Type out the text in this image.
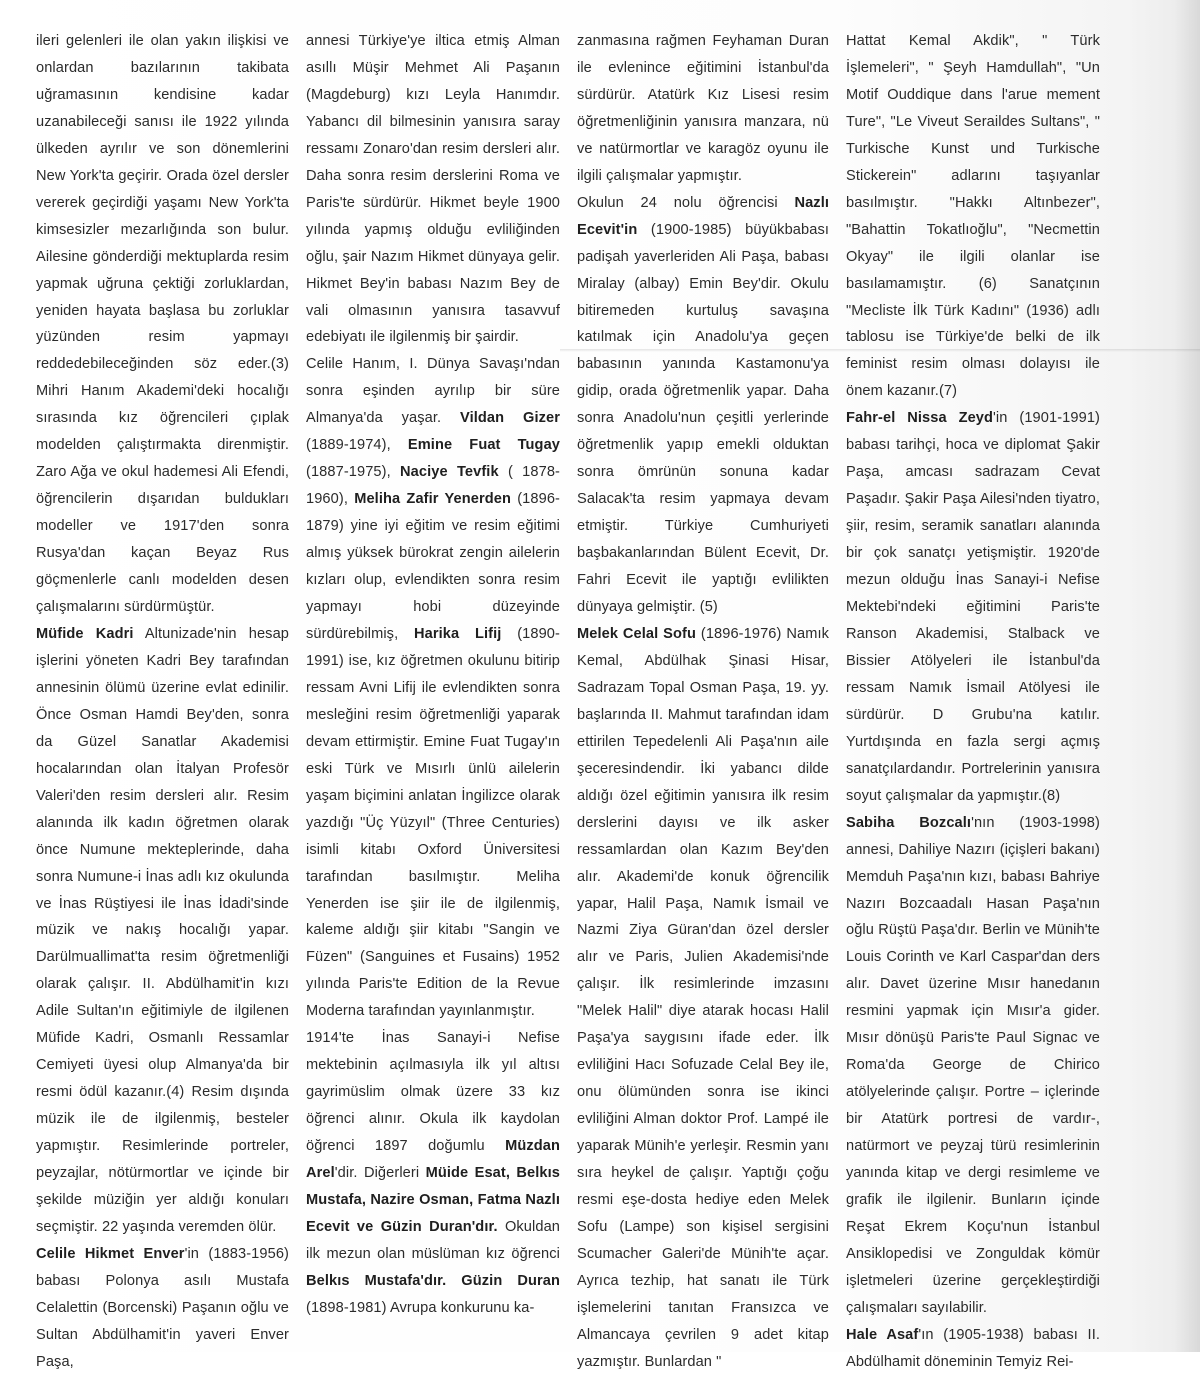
ileri gelenleri ile olan yakın ilişkisi ve onlardan bazılarının takibata uğramasının kendisine kadar uzanabileceği sanısı ile 1922 yılında ülkeden ayrılır ve son dönemlerini New York'ta geçirir. Orada özel dersler vererek geçirdiği yaşamı New York'ta kimsesizler mezarlığında son bulur. Ailesine gönderdiği mektuplarda resim yapmak uğruna çektiği zorluklardan, yeniden hayata başlasa bu zorluklar yüzünden resim yapmayı reddedebileceğinden söz eder.(3) Mihri Hanım Akademi'deki hocalığı sırasında kız öğrencileri çıplak modelden çalıştırmakta direnmiştir. Zaro Ağa ve okul hademesi Ali Efendi, öğrencilerin dışarıdan buldukları modeller ve 1917'den sonra Rusya'dan kaçan Beyaz Rus göçmenlerle canlı modelden desen çalışmalarını sürdürmüştür.

Müfide Kadri Altunizade'nin hesap işlerini yöneten Kadri Bey tarafından annesinin ölümü üzerine evlat edinilir. Önce Osman Hamdi Bey'den, sonra da Güzel Sanatlar Akademisi hocalarından olan İtalyan Profesör Valeri'den resim dersleri alır. Resim alanında ilk kadın öğretmen olarak önce Numune mekteplerinde, daha sonra Numune-i İnas adlı kız okulunda ve İnas Rüştiyesi ile İnas İdadi'sinde müzik ve nakış hocalığı yapar. Darülmuallimat'ta resim öğretmenliği olarak çalışır. II. Abdülhamit'in kızı Adile Sultan'ın eğitimiyle de ilgilenen Müfide Kadri, Osmanlı Ressamlar Cemiyeti üyesi olup Almanya'da bir resmi ödül kazanır.(4) Resim dışında müzik ile de ilgilenmiş, besteler yapmıştır. Resimlerinde portreler, peyzajlar, nötürmortlar ve içinde bir şekilde müziğin yer aldığı konuları seçmiştir. 22 yaşında veremden ölür.

Celile Hikmet Enver'in (1883-1956) babası Polonya asılı Mustafa Celalettin (Borcenski) Paşanın oğlu ve Sultan Abdülhamit'in yaveri Enver Paşa,

annesi Türkiye'ye iltica etmiş Alman asıllı Müşir Mehmet Ali Paşanın (Magdeburg) kızı Leyla Hanımdır. Yabancı dil bilmesinin yanısıra saray ressamı Zonaro'dan resim dersleri alır. Daha sonra resim derslerini Roma ve Paris'te sürdürür. Hikmet beyle 1900 yılında yapmış olduğu evliliğinden oğlu, şair Nazım Hikmet dünyaya gelir. Hikmet Bey'in babası Nazım Bey de vali olmasının yanısıra tasavvuf edebiyatı ile ilgilenmiş bir şairdir.

Celile Hanım, I. Dünya Savaşı'ndan sonra eşinden ayrılıp bir süre Almanya'da yaşar. Vildan Gizer (1889-1974), Emine Fuat Tugay (1887-1975), Naciye Tevfik ( 1878-1960), Meliha Zafir Yenerden (1896-1879) yine iyi eğitim ve resim eğitimi almış yüksek bürokrat zengin ailelerin kızları olup, evlendikten sonra resim yapmayı hobi düzeyinde sürdürebilmiş, Harika Lifij (1890-1991) ise, kız öğretmen okulunu bitirip ressam Avni Lifij ile evlendikten sonra mesleğini resim öğretmenliği yaparak devam ettirmiştir. Emine Fuat Tugay'ın eski Türk ve Mısırlı ünlü ailelerin yaşam biçimini anlatan İngilizce olarak yazdığı "Üç Yüzyıl" (Three Centuries) isimli kitabı Oxford Üniversitesi tarafından basılmıştır. Meliha Yenerden ise şiir ile de ilgilenmiş, kaleme aldığı şiir kitabı "Sangin ve Füzen" (Sanguines et Fusains) 1952 yılında Paris'te Edition de la Revue Moderna tarafından yayınlanmıştır.

1914'te İnas Sanayi-i Nefise mektebinin açılmasıyla ilk yıl altısı gayrimüslim olmak üzere 33 kız öğrenci alınır. Okula ilk kaydolan öğrenci 1897 doğumlu Müzdan Arel'dir. Diğerleri Müide Esat, Belkıs Mustafa, Nazire Osman, Fatma Nazlı Ecevit ve Güzin Duran'dır. Okuldan ilk mezun olan müslüman kız öğrenci Belkıs Mustafa'dır. Güzin Duran (1898-1981) Avrupa konkurunu ka-

zanmasına rağmen Feyhaman Duran ile evlenince eğitimini İstanbul'da sürdürür. Atatürk Kız Lisesi resim öğretmenliğinin yanısıra manzara, nü ve natürmortlar ve karagöz oyunu ile ilgili çalışmalar yapmıştır.

Okulun 24 nolu öğrencisi Nazlı Ecevit'in (1900-1985) büyükbabası padişah yaverleriden Ali Paşa, babası Miralay (albay) Emin Bey'dir. Okulu bitiremeden kurtuluş savaşına katılmak için Anadolu'ya geçen babasının yanında Kastamonu'ya gidip, orada öğretmenlik yapar. Daha sonra Anadolu'nun çeşitli yerlerinde öğretmenlik yapıp emekli olduktan sonra ömrünün sonuna kadar Salacak'ta resim yapmaya devam etmiştir. Türkiye Cumhuriyeti başbakanlarından Bülent Ecevit, Dr. Fahri Ecevit ile yaptığı evlilikten dünyaya gelmiştir. (5)

Melek Celal Sofu (1896-1976) Namık Kemal, Abdülhak Şinasi Hisar, Sadrazam Topal Osman Paşa, 19. yy. başlarında II. Mahmut tarafından idam ettirilen Tepedelenli Ali Paşa'nın aile şeceresindendir. İki yabancı dilde aldığı özel eğitimin yanısıra ilk resim derslerini dayısı ve ilk asker ressamlardan olan Kazım Bey'den alır. Akademi'de konuk öğrencilik yapar, Halil Paşa, Namık İsmail ve Nazmi Ziya Güran'dan özel dersler alır ve Paris, Julien Akademisi'nde çalışır. İlk resimlerinde imzasını "Melek Halil" diye atarak hocası Halil Paşa'ya saygısını ifade eder. İlk evliliğini Hacı Sofuzade Celal Bey ile, onu ölümünden sonra ise ikinci evliliğini Alman doktor Prof. Lampé ile yaparak Münih'e yerleşir. Resmin yanı sıra heykel de çalışır. Yaptığı çoğu resmi eşe-dosta hediye eden Melek Sofu (Lampe) son kişisel sergisini Scumacher Galeri'de Münih'te açar. Ayrıca tezhip, hat sanatı ile Türk işlemelerini tanıtan Fransızca ve Almancaya çevrilen 9 adet kitap yazmıştır. Bunlardan "

Hattat Kemal Akdik", " Türk İşlemeleri", " Şeyh Hamdullah", "Un Motif Ouddique dans l'arue mement Ture", "Le Viveut Seraildes Sultans", " Turkische Kunst und Turkische Stickerein" adlarını taşıyanlar basılmıştır. "Hakkı Altınbezer", "Bahattin Tokatlıoğlu", "Necmettin Okyay" ile ilgili olanlar ise basılamamıştır. (6) Sanatçının "Mecliste İlk Türk Kadını" (1936) adlı tablosu ise Türkiye'de belki de ilk feminist resim olması dolayısı ile önem kazanır.(7)

Fahr-el Nissa Zeyd'in (1901-1991) babası tarihçi, hoca ve diplomat Şakir Paşa, amcası sadrazam Cevat Paşadır. Şakir Paşa Ailesi'nden tiyatro, şiir, resim, seramik sanatları alanında bir çok sanatçı yetişmiştir. 1920'de mezun olduğu İnas Sanayi-i Nefise Mektebi'ndeki eğitimini Paris'te Ranson Akademisi, Stalback ve Bissier Atölyeleri ile İstanbul'da ressam Namık İsmail Atölyesi ile sürdürür. D Grubu'na katılır. Yurtdışında en fazla sergi açmış sanatçılardandır. Portrelerinin yanısıra soyut çalışmalar da yapmıştır.(8)

Sabiha Bozcalı'nın (1903-1998) annesi, Dahiliye Nazırı (içişleri bakanı) Memduh Paşa'nın kızı, babası Bahriye Nazırı Bozcaadalı Hasan Paşa'nın oğlu Rüştü Paşa'dır. Berlin ve Münih'te Louis Corinth ve Karl Caspar'dan ders alır. Davet üzerine Mısır hanedanın resmini yapmak için Mısır'a gider. Mısır dönüşü Paris'te Paul Signac ve Roma'da George de Chirico atölyelerinde çalışır. Portre – içlerinde bir Atatürk portresi de vardır-, natürmort ve peyzaj türü resimlerinin yanında kitap ve dergi resimleme ve grafik ile ilgilenir. Bunların içinde Reşat Ekrem Koçu'nun İstanbul Ansiklopedisi ve Zonguldak kömür işletmeleri üzerine gerçekleştirdiği çalışmaları sayılabilir.

Hale Asaf'ın (1905-1938) babası II. Abdülhamit döneminin Temyiz Rei-
